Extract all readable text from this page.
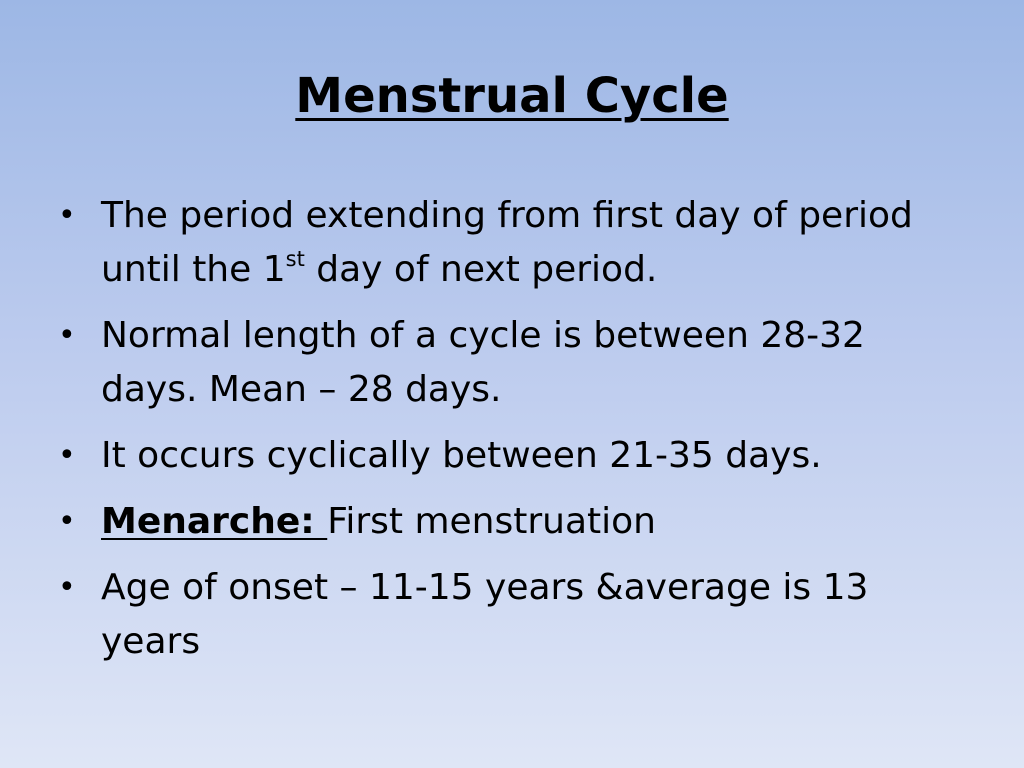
Menstrual Cycle
• The period extending from first day of period until the 1st day of next period.
• Normal length of a cycle is between 28-32 days. Mean – 28 days.
• It occurs cyclically between 21-35 days.
• Menarche: First menstruation
• Age of onset – 11-15 years &average is 13 years
